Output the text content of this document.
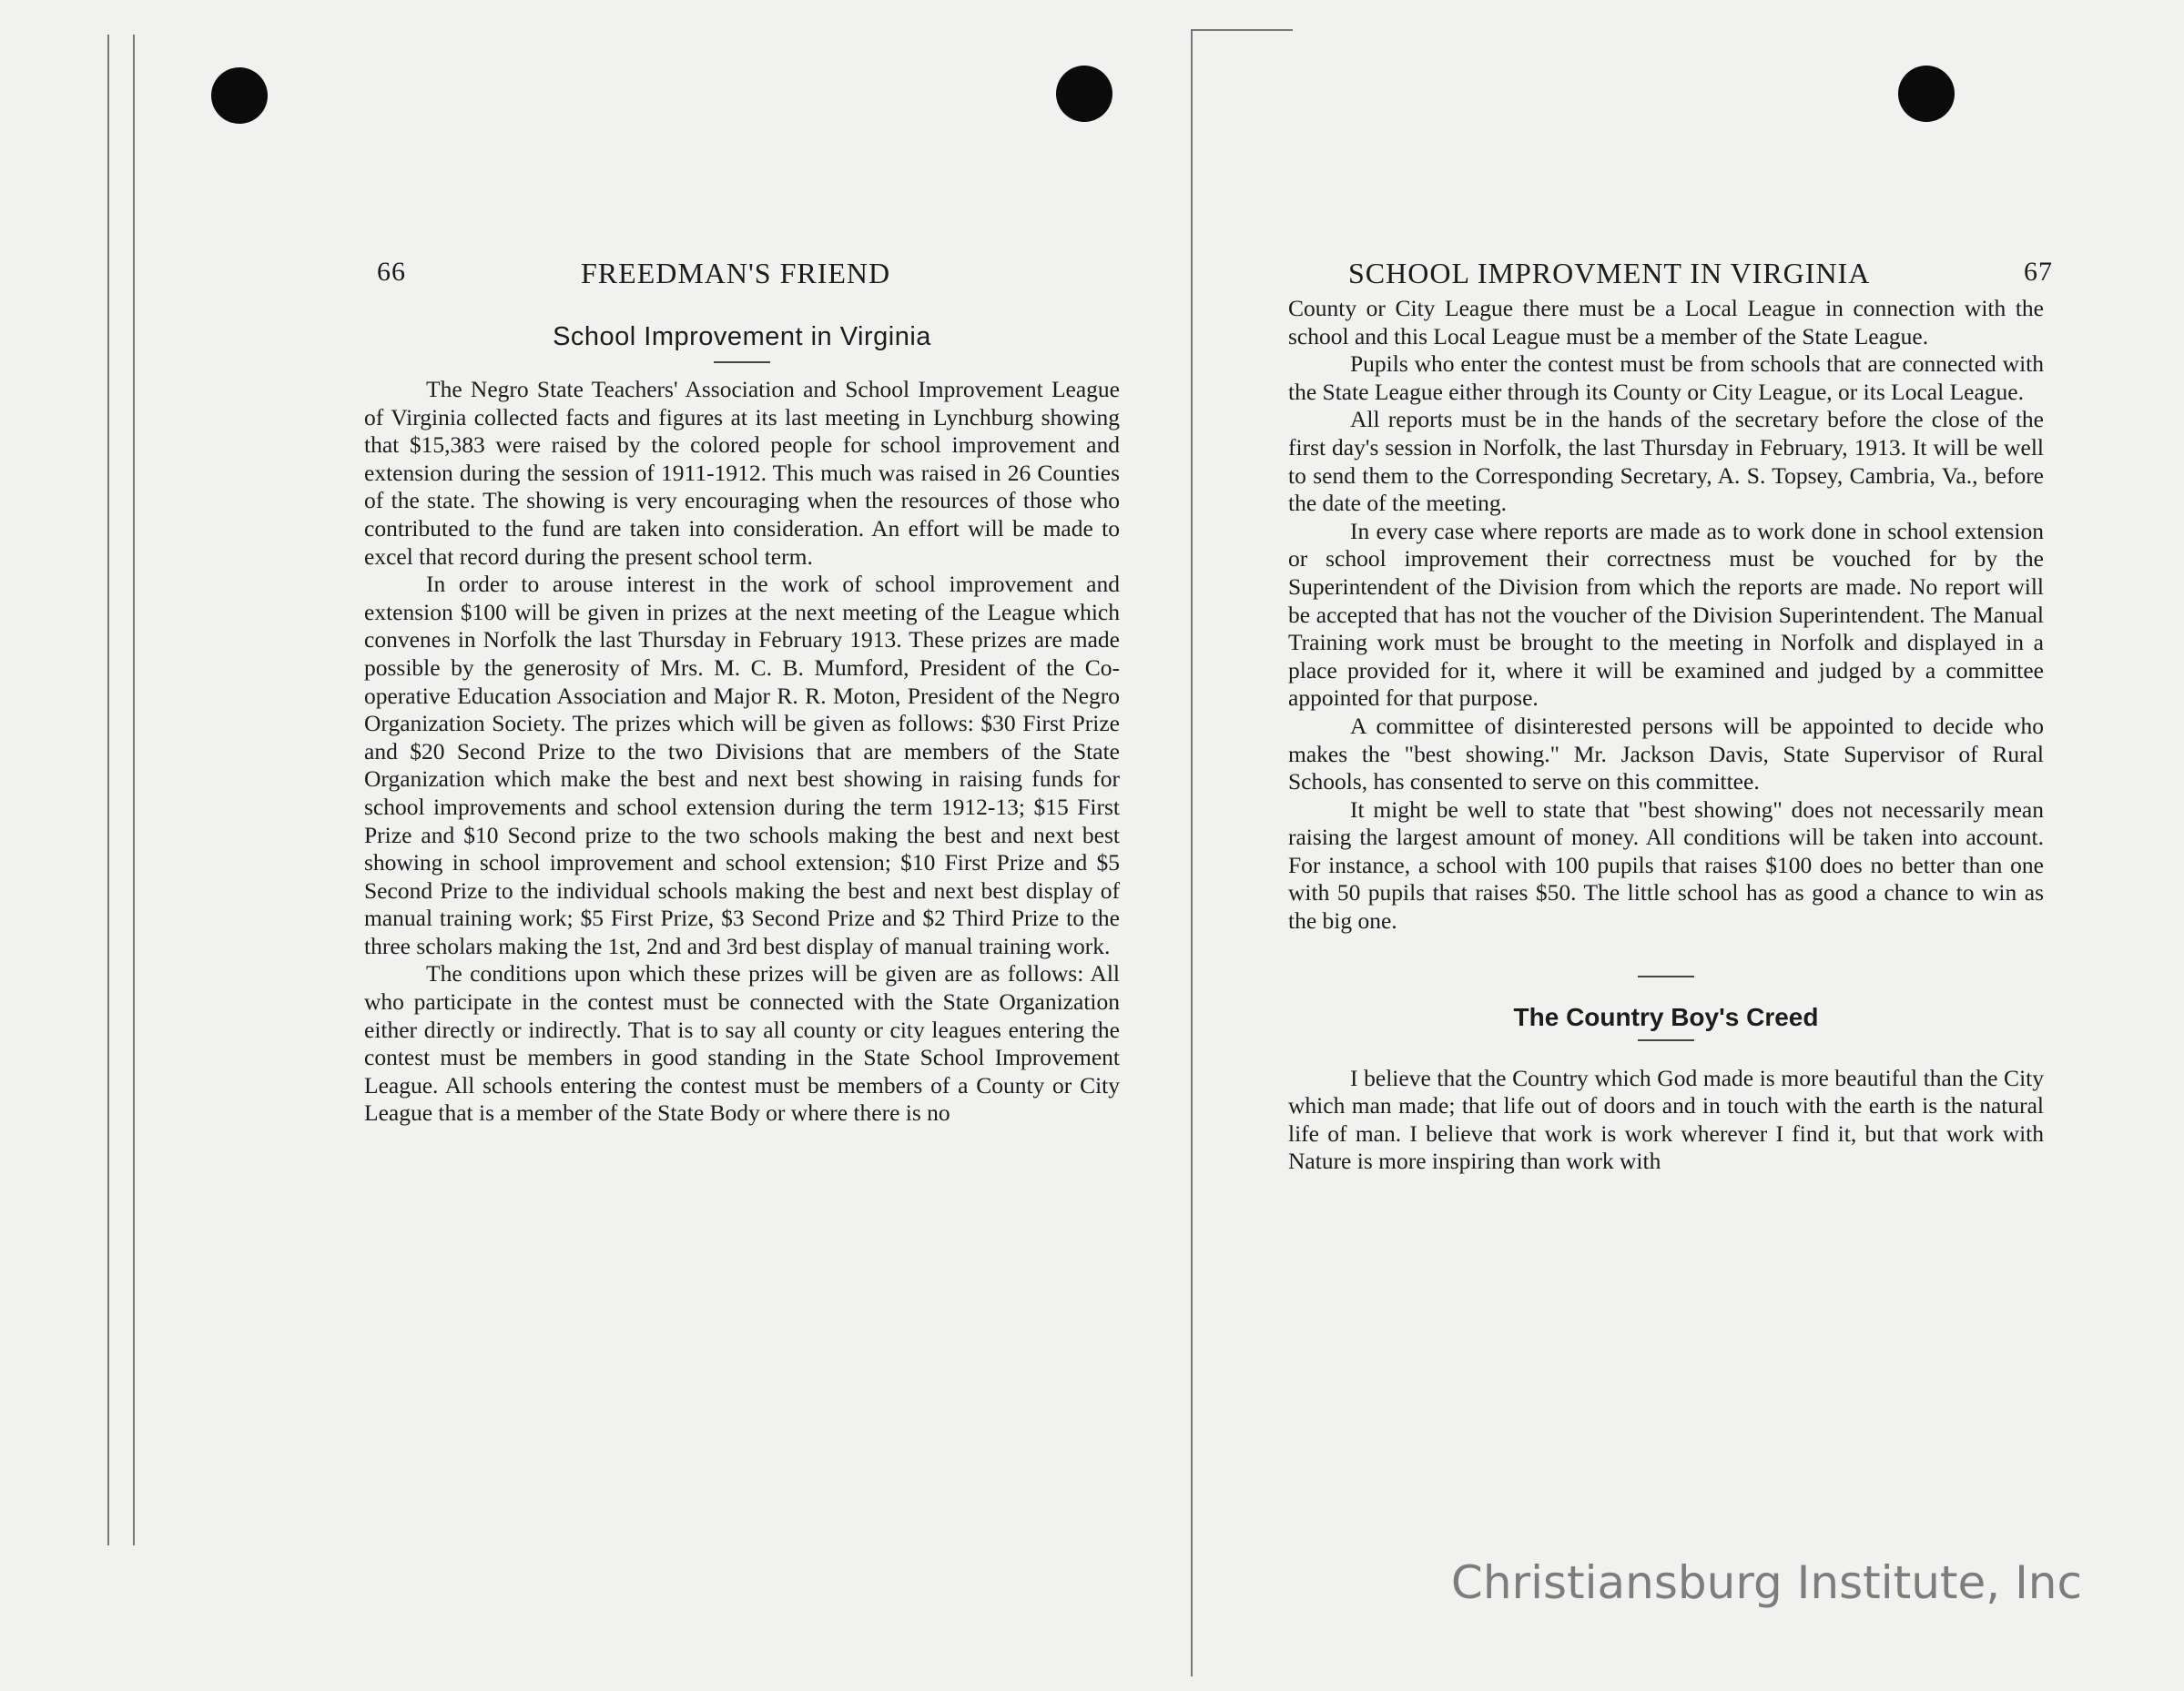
66	FREEDMAN'S FRIEND
School Improvement in Virginia

The Negro State Teachers' Association and School Improvement League of Virginia collected facts and figures at its last meeting in Lynchburg showing that $15,383 were raised by the colored people for school improvement and extension during the session of 1911-1912. This much was raised in 26 Counties of the state. The showing is very encouraging when the resources of those who contributed to the fund are taken into consideration. An effort will be made to excel that record during the present school term.

In order to arouse interest in the work of school improvement and extension $100 will be given in prizes at the next meeting of the League which convenes in Norfolk the last Thursday in February 1913. These prizes are made possible by the generosity of Mrs. M. C. B. Mumford, President of the Co-operative Education Association and Major R. R. Moton, President of the Negro Organization Society. The prizes which will be given as follows: $30 First Prize and $20 Second Prize to the two Divisions that are members of the State Organization which make the best and next best showing in raising funds for school improvements and school extension during the term 1912-13; $15 First Prize and $10 Second prize to the two schools making the best and next best showing in school improvement and school extension; $10 First Prize and $5 Second Prize to the individual schools making the best and next best display of manual training work; $5 First Prize, $3 Second Prize and $2 Third Prize to the three scholars making the 1st, 2nd and 3rd best display of manual training work.

The conditions upon which these prizes will be given are as follows: All who participate in the contest must be connected with the State Organization either directly or indirectly. That is to say all county or city leagues entering the contest must be members in good standing in the State School Improvement League. All schools entering the contest must be members of a County or City League that is a member of the State Body or where there is no

SCHOOL IMPROVMENT IN VIRGINIA	67

County or City League there must be a Local League in connection with the school and this Local League must be a member of the State League.

Pupils who enter the contest must be from schools that are connected with the State League either through its County or City League, or its Local League.

All reports must be in the hands of the secretary before the close of the first day's session in Norfolk, the last Thursday in February, 1913. It will be well to send them to the Corresponding Secretary, A. S. Topsey, Cambria, Va., before the date of the meeting.

In every case where reports are made as to work done in school extension or school improvement their correctness must be vouched for by the Superintendent of the Division from which the reports are made. No report will be accepted that has not the voucher of the Division Superintendent. The Manual Training work must be brought to the meeting in Norfolk and displayed in a place provided for it, where it will be examined and judged by a committee appointed for that purpose.

A committee of disinterested persons will be appointed to decide who makes the "best showing." Mr. Jackson Davis, State Supervisor of Rural Schools, has consented to serve on this committee.

It might be well to state that "best showing" does not necessarily mean raising the largest amount of money. All conditions will be taken into account. For instance, a school with 100 pupils that raises $100 does no better than one with 50 pupils that raises $50. The little school has as good a chance to win as the big one.

The Country Boy's Creed

I believe that the Country which God made is more beautiful than the City which man made; that life out of doors and in touch with the earth is the natural life of man. I believe that work is work wherever I find it, but that work with Nature is more inspiring than work with

Christiansburg Institute, Inc
